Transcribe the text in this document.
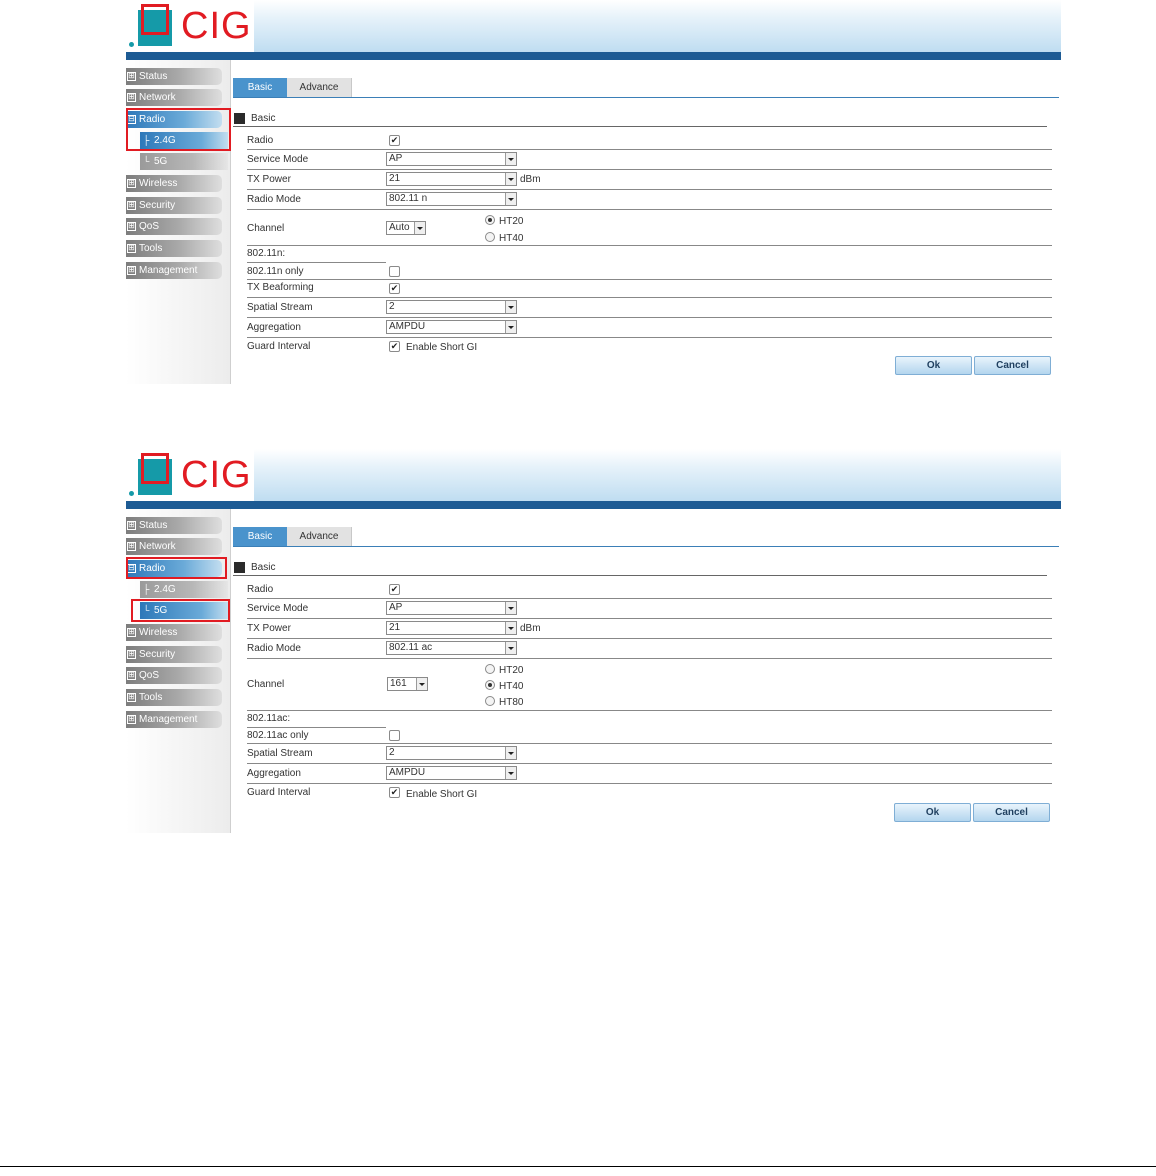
CIG
⊞ Status
⊞ Network
⊟ Radio
├ 2.4G
└ 5G
⊞ Wireless
⊞ Security
⊞ QoS
⊞ Tools
⊞ Management
Basic	Advance
Basic
Radio	✔
Service Mode	AP
TX Power	21	dBm
Radio Mode	802.11 n
Channel	Auto
HT20
HT40
802.11n:
802.11n only
TX Beaforming	✔
Spatial Stream	2
Aggregation	AMPDU
Guard Interval	✔ Enable Short GI
Ok	Cancel
CIG
⊞ Status
⊞ Network
⊟ Radio
├ 2.4G
└ 5G
⊞ Wireless
⊞ Security
⊞ QoS
⊞ Tools
⊞ Management
Basic	Advance
Basic
Radio	✔
Service Mode	AP
TX Power	21	dBm
Radio Mode	802.11 ac
Channel	161
HT20
HT40
HT80
802.11ac:
802.11ac only
Spatial Stream	2
Aggregation	AMPDU
Guard Interval	✔ Enable Short GI
Ok	Cancel
